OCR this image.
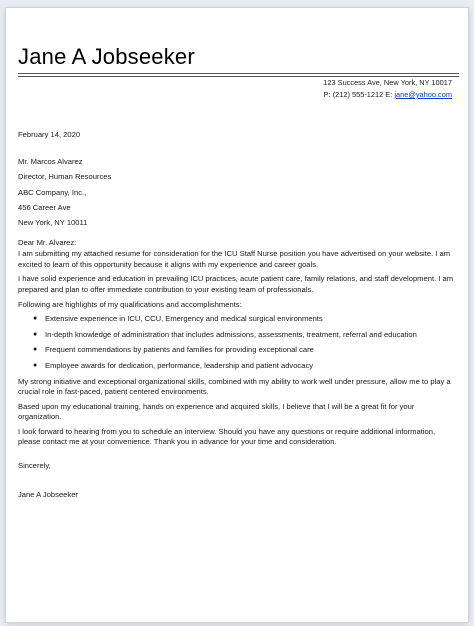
Jane A Jobseeker
123 Success Ave, New York, NY 10017
P: (212) 555-1212 E: jane@yahoo.com

February 14, 2020

Mr. Marcos Alvarez

Director, Human Resources

ABC Company, Inc.,

456 Career Ave

New York, NY 10011

Dear Mr. Alvarez:

I am submitting my attached resume for consideration for the ICU Staff Nurse position you have advertised on your website. I am excited to learn of this opportunity because it aligns with my experience and career goals.

I have solid experience and education in prevailing ICU practices, acute patient care, family relations, and staff development. I am prepared and plan to offer immediate contribution to your existing team of professionals.

Following are highlights of my qualifications and accomplishments:

● Extensive experience in ICU, CCU, Emergency and medical surgical environments
● In-depth knowledge of administration that includes admissions, assessments, treatment, referral and education
● Frequent commendations by patients and families for providing exceptional care
● Employee awards for dedication, performance, leadership and patient advocacy

My strong initiative and exceptional organizational skills, combined with my ability to work well under pressure, allow me to play a crucial role in fast-paced, patient centered environments.

Based upon my educational training, hands on experience and acquired skills, I believe that I will be a great fit for your organization.

I look forward to hearing from you to schedule an interview. Should you have any questions or require additional information, please contact me at your convenience. Thank you in advance for your time and consideration.

Sincerely,

Jane A Jobseeker
